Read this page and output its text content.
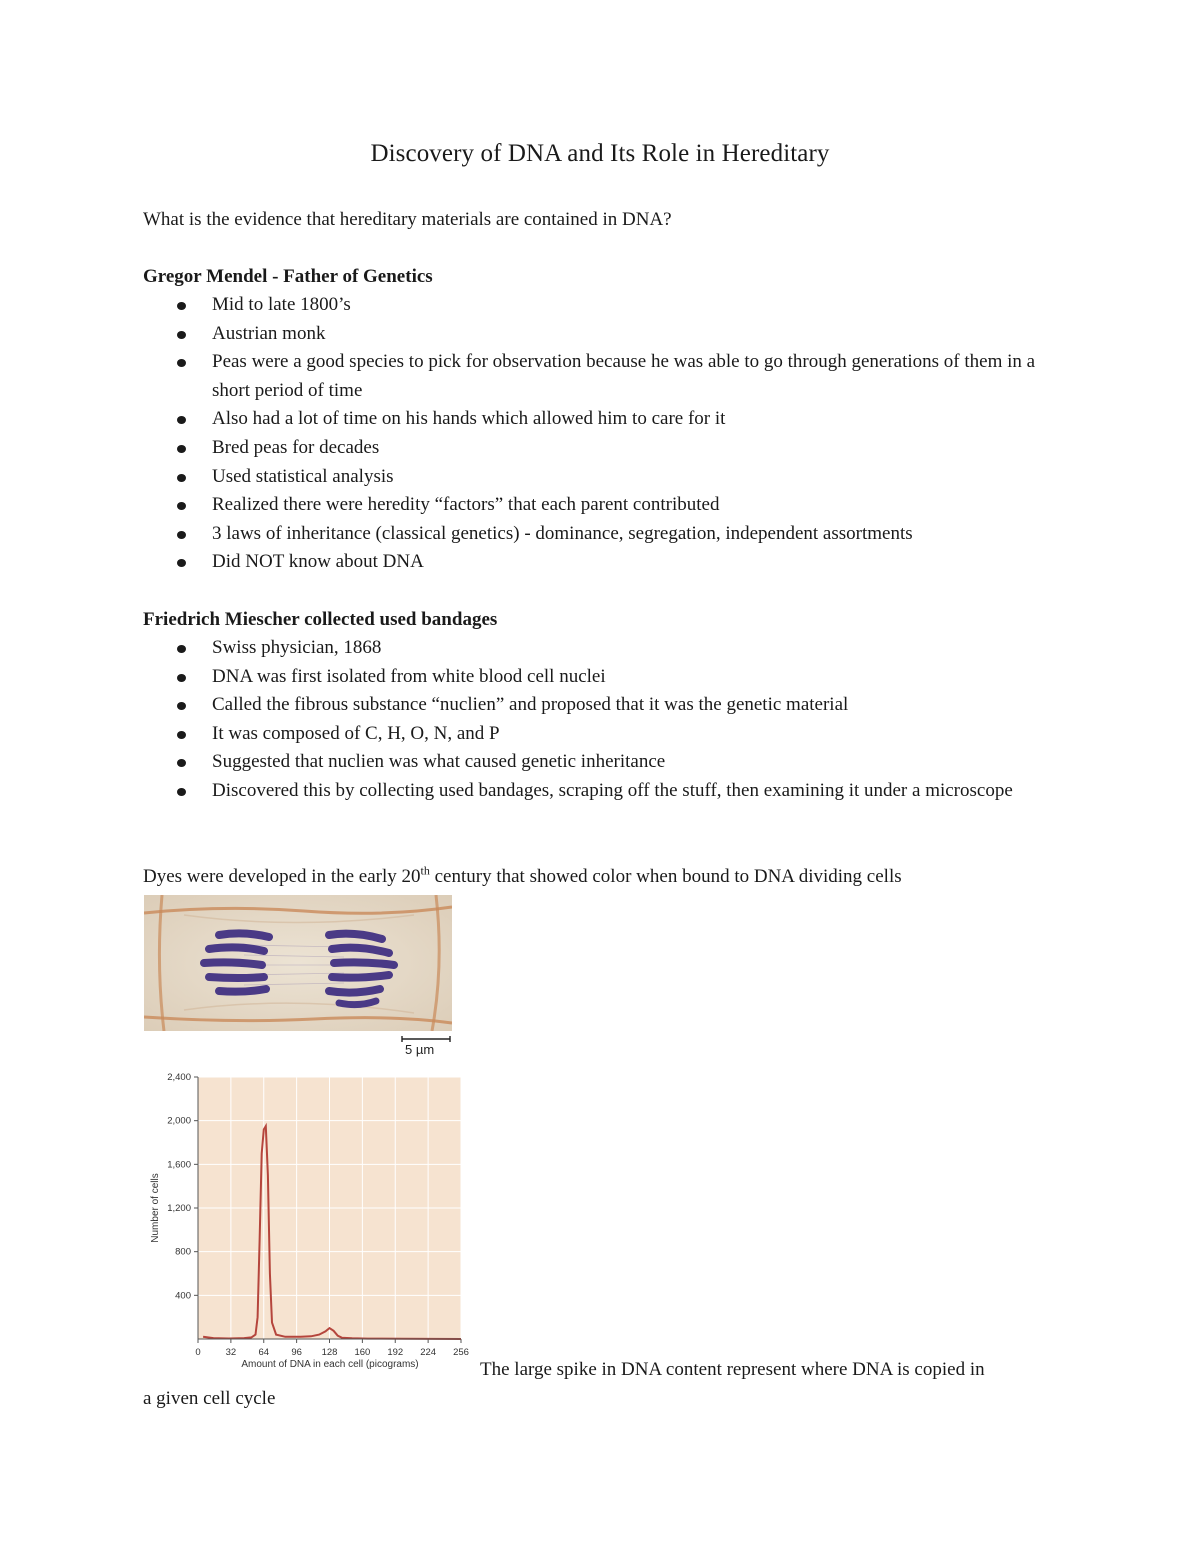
Discovery of DNA and Its Role in Hereditary
What is the evidence that hereditary materials are contained in DNA?
Gregor Mendel - Father of Genetics
Mid to late 1800’s
Austrian monk
Peas were a good species to pick for observation because he was able to go through generations of them in a short period of time
Also had a lot of time on his hands which allowed him to care for it
Bred peas for decades
Used statistical analysis
Realized there were heredity “factors” that each parent contributed
3 laws of inheritance (classical genetics) - dominance, segregation, independent assortments
Did NOT know about DNA
Friedrich Miescher collected used bandages
Swiss physician, 1868
DNA was first isolated from white blood cell nuclei
Called the fibrous substance “nuclien” and proposed that it was the genetic material
It was composed of C, H, O, N, and P
Suggested that nuclien was what caused genetic inheritance
Discovered this by collecting used bandages, scraping off the stuff, then examining it under a microscope
Dyes were developed in the early 20th century that showed color when bound to DNA dividing cells
5 µm
400
800
1,200
1,600
2,000
2,400
0	32 64 96 128 160 192 224 256
Amount of DNA in each cell (picograms)
Number of cells
The large spike in DNA content represent where DNA is copied in
a given cell cycle
